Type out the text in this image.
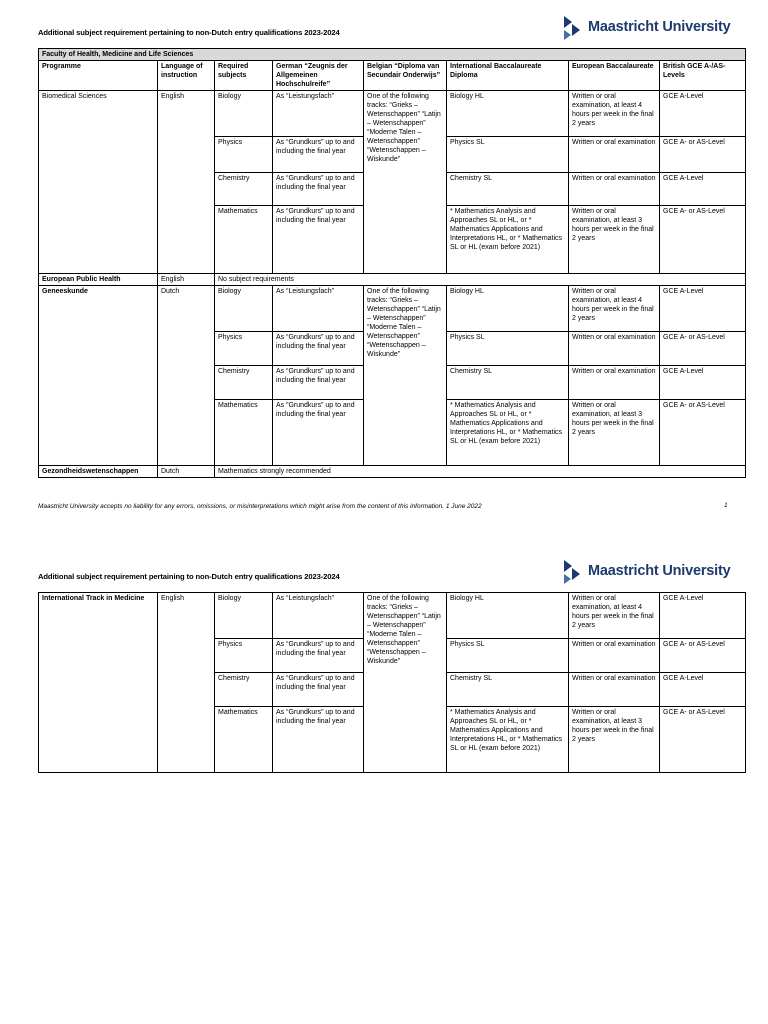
Additional subject requirement pertaining to non-Dutch entry qualifications 2023-2024	Maastricht University
Faculty of Health, Medicine and Life Sciences							
Programme	Language of instruction	Required subjects	German “Zeugnis der Allgemeinen Hochschulreife”	Belgian “Diploma van Secundair Onderwijs”	International Baccalaureate Diploma	European Baccalaureate	British GCE A-/AS-Levels
Biomedical Sciences	English	Biology	As “Leistungsfach”	One of the following tracks: “Grieks – Wetenschappen” “Latijn – Wetenschappen” “Moderne Talen – Wetenschappen” “Wetenschappen – Wiskunde”	Biology HL	Written or oral examination, at least 4 hours per week in the final 2 years	GCE A-Level
		Physics	As “Grundkurs” up to and including the final year		Physics SL	Written or oral examination	GCE A- or AS-Level
		Chemistry	As “Grundkurs” up to and including the final year		Chemistry SL	Written or oral examination	GCE A-Level
		Mathematics	As “Grundkurs” up to and including the final year		* Mathematics Analysis and Approaches SL or HL, or * Mathematics Applications and Interpretations HL, or * Mathematics SL or HL (exam before 2021)	Written or oral examination, at least 3 hours per week in the final 2 years	GCE A- or AS-Level
European Public Health	English	No subject requirements					
Geneeskunde	Dutch	Biology	As “Leistungsfach”	One of the following tracks: “Grieks – Wetenschappen” “Latijn – Wetenschappen” “Moderne Talen – Wetenschappen” “Wetenschappen – Wiskunde”	Biology HL	Written or oral examination, at least 4 hours per week in the final 2 years	GCE A-Level
		Physics	As “Grundkurs” up to and including the final year		Physics SL	Written or oral examination	GCE A- or AS-Level
		Chemistry	As “Grundkurs” up to and including the final year		Chemistry SL	Written or oral examination	GCE A-Level
		Mathematics	As “Grundkurs” up to and including the final year		* Mathematics Analysis and Approaches SL or HL, or * Mathematics Applications and Interpretations HL, or * Mathematics SL or HL (exam before 2021)	Written or oral examination, at least 3 hours per week in the final 2 years	GCE A- or AS-Level
Gezondheidswetenschappen	Dutch	Mathematics strongly recommended					
Maastricht University accepts no liability for any errors, omissions, or misinterpretations which might arise from the content of this information. 1 June 2022	1
Additional subject requirement pertaining to non-Dutch entry qualifications 2023-2024	Maastricht University
International Track in Medicine	English	Biology	As “Leistungsfach”	One of the following tracks: “Grieks – Wetenschappen” “Latijn – Wetenschappen” “Moderne Talen – Wetenschappen” “Wetenschappen – Wiskunde”	Biology HL	Written or oral examination, at least 4 hours per week in the final 2 years	GCE A-Level
		Physics	As “Grundkurs” up to and including the final year		Physics SL	Written or oral examination	GCE A- or AS-Level
		Chemistry	As “Grundkurs” up to and including the final year		Chemistry SL	Written or oral examination	GCE A-Level
		Mathematics	As “Grundkurs” up to and including the final year		* Mathematics Analysis and Approaches SL or HL, or * Mathematics Applications and Interpretations HL, or * Mathematics SL or HL (exam before 2021)	Written or oral examination, at least 3 hours per week in the final 2 years	GCE A- or AS-Level
